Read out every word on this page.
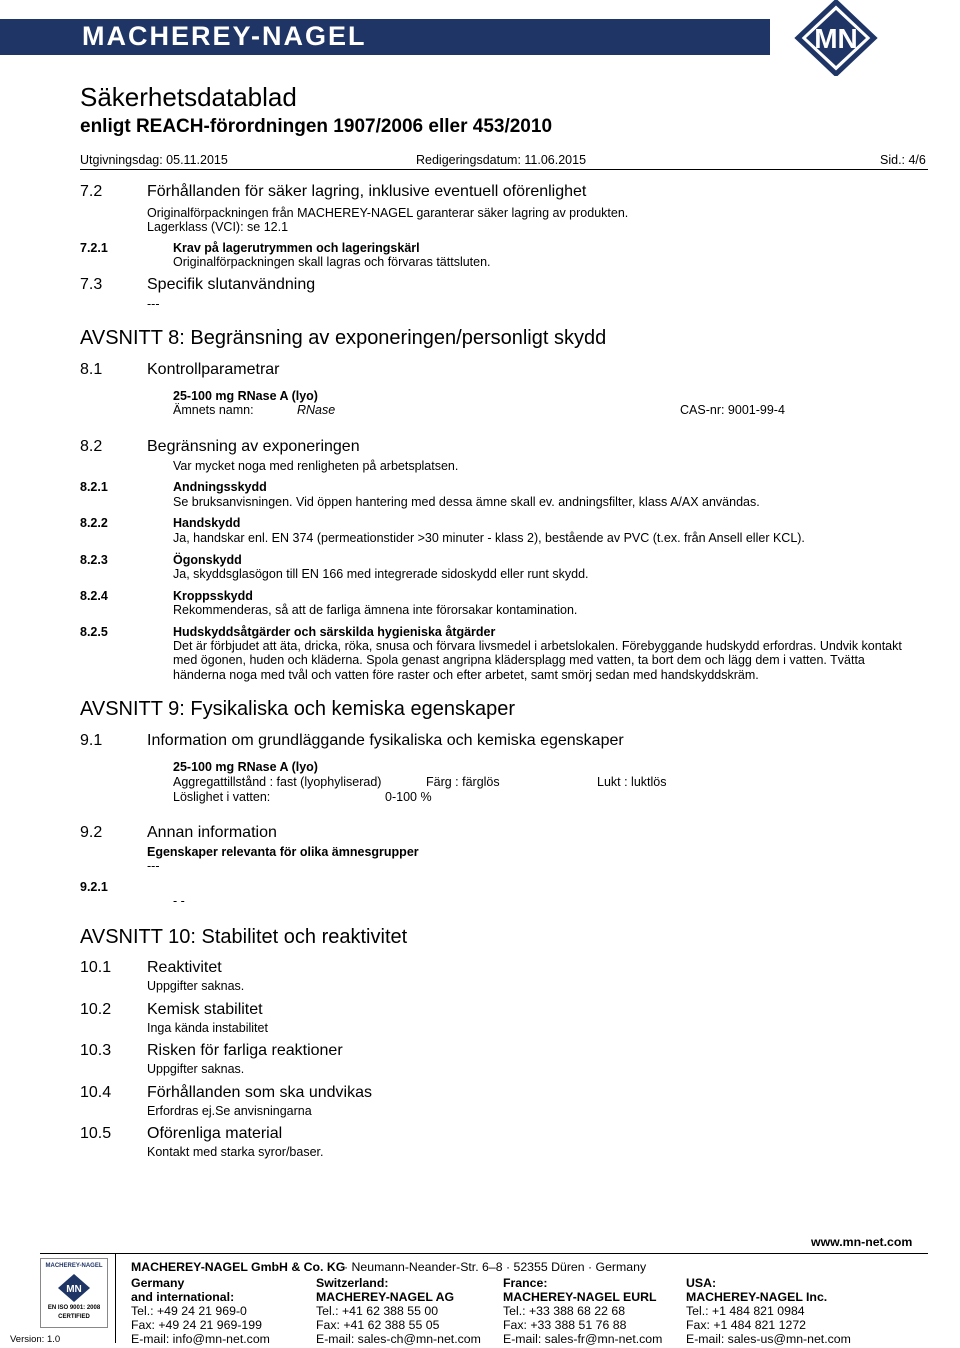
MACHEREY-NAGEL	MN
Säkerhetsdatablad
enligt REACH-förordningen 1907/2006 eller 453/2010
Utgivningsdag: 05.11.2015	Redigeringsdatum: 11.06.2015	Sid.: 4/6
7.2	Förhållanden för säker lagring, inklusive eventuell oförenlighet
Originalförpackningen från MACHEREY-NAGEL garanterar säker lagring av produkten.
Lagerklass (VCI): se 12.1
7.2.1	Krav på lagerutrymmen och lageringskärl
Originalförpackningen skall lagras och förvaras tättsluten.
7.3	Specifik slutanvändning
---
AVSNITT 8: Begränsning av exponeringen/personligt skydd
8.1	Kontrollparametrar
25-100 mg RNase A (lyo)
Ämnets namn:	RNase	CAS-nr: 9001-99-4
8.2	Begränsning av exponeringen
Var mycket noga med renligheten på arbetsplatsen.
8.2.1	Andningsskydd
Se bruksanvisningen. Vid öppen hantering med dessa ämne skall ev. andningsfilter, klass A/AX användas.
8.2.2	Handskydd
Ja, handskar enl. EN 374 (permeationstider >30 minuter - klass 2), bestående av PVC (t.ex. från Ansell eller KCL).
8.2.3	Ögonskydd
Ja, skyddsglasögon till EN 166 med integrerade sidoskydd eller runt skydd.
8.2.4	Kroppsskydd
Rekommenderas, så att de farliga ämnena inte förorsakar kontamination.
8.2.5	Hudskyddsåtgärder och särskilda hygieniska åtgärder
Det är förbjudet att äta, dricka, röka, snusa och förvara livsmedel i arbetslokalen. Förebyggande hudskydd erfordras. Undvik kontakt med ögonen, huden och kläderna. Spola genast angripna klädersplagg med vatten, ta bort dem och lägg dem i vatten. Tvätta händerna noga med tvål och vatten före raster och efter arbetet, samt smörj sedan med handskyddskräm.
AVSNITT 9: Fysikaliska och kemiska egenskaper
9.1	Information om grundläggande fysikaliska och kemiska egenskaper
25-100 mg RNase A (lyo)
Aggregattillstånd : fast (lyophyliserad)	Färg : färglös	Lukt : luktlös
Löslighet i vatten:	0-100 %
9.2	Annan information
Egenskaper relevanta för olika ämnesgrupper
---
9.2.1
- -
AVSNITT 10: Stabilitet och reaktivitet
10.1 Reaktivitet
Uppgifter saknas.
10.2 Kemisk stabilitet
Inga kända instabilitet
10.3 Risken för farliga reaktioner
Uppgifter saknas.
10.4 Förhållanden som ska undvikas
Erfordras ej.Se anvisningarna
10.5 Oförenliga material
Kontakt med starka syror/baser.
MACHEREY-NAGEL
MN
EN ISO 9001: 2008
CERTIFIED
Version: 1.0
MACHEREY-NAGEL GmbH & Co. KG
· Neumann-Neander-Str. 6–8 · 52355 Düren · Germany
www.mn-net.com
Germany
and international:
Tel.: +49 24 21 969-0
Fax: +49 24 21 969-199
E-mail: info@mn-net.com
Switzerland:
MACHEREY-NAGEL AG
Tel.: +41 62 388 55 00
Fax: +41 62 388 55 05
E-mail: sales-ch@mn-net.com
France:
MACHEREY-NAGEL EURL
Tel.: +33 388 68 22 68
Fax: +33 388 51 76 88
E-mail: sales-fr@mn-net.com
USA:
MACHEREY-NAGEL Inc.
Tel.: +1 484 821 0984
Fax: +1 484 821 1272
E-mail: sales-us@mn-net.com
